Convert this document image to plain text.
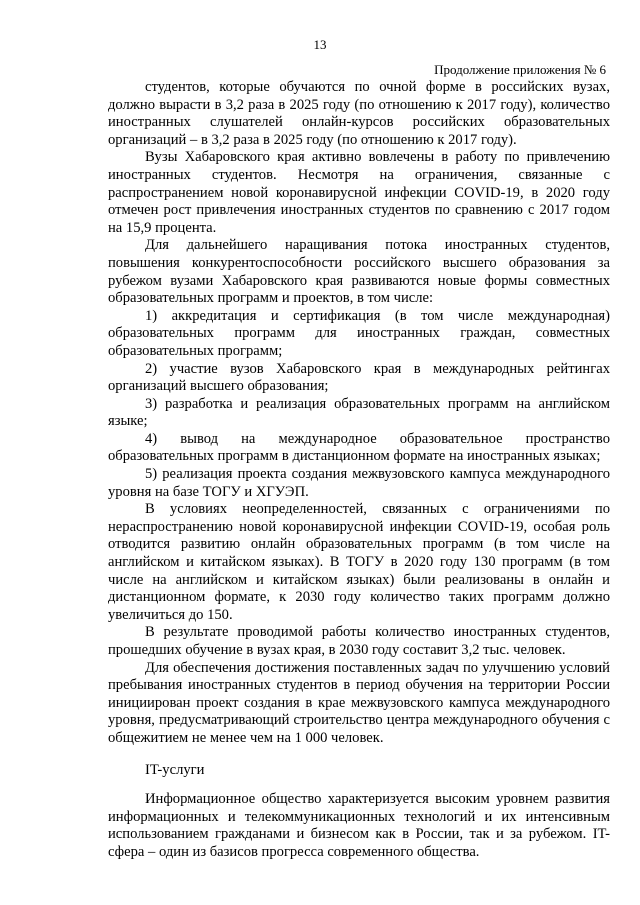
13
Продолжение приложения № 6

студентов, которые обучаются по очной форме в российских вузах, должно вырасти в 3,2 раза в 2025 году (по отношению к 2017 году), количество иностранных слушателей онлайн-курсов российских образовательных организаций – в 3,2 раза в 2025 году (по отношению к 2017 году).

Вузы Хабаровского края активно вовлечены в работу по привлечению иностранных студентов. Несмотря на ограничения, связанные с распространением новой коронавирусной инфекции COVID-19, в 2020 году отмечен рост привлечения иностранных студентов по сравнению с 2017 годом на 15,9 процента.

Для дальнейшего наращивания потока иностранных студентов, повышения конкурентоспособности российского высшего образования за рубежом вузами Хабаровского края развиваются новые формы совместных образовательных программ и проектов, в том числе:

1) аккредитация и сертификация (в том числе международная) образовательных программ для иностранных граждан, совместных образовательных программ;

2) участие вузов Хабаровского края в международных рейтингах организаций высшего образования;

3) разработка и реализация образовательных программ на английском языке;

4) вывод на международное образовательное пространство образовательных программ в дистанционном формате на иностранных языках;

5) реализация проекта создания межвузовского кампуса международного уровня на базе ТОГУ и ХГУЭП.

В условиях неопределенностей, связанных с ограничениями по нераспространению новой коронавирусной инфекции COVID-19, особая роль отводится развитию онлайн образовательных программ (в том числе на английском и китайском языках). В ТОГУ в 2020 году 130 программ (в том числе на английском и китайском языках) были реализованы в онлайн и дистанционном формате, к 2030 году количество таких программ должно увеличиться до 150.

В результате проводимой работы количество иностранных студентов, прошедших обучение в вузах края, в 2030 году составит 3,2 тыс. человек.

Для обеспечения достижения поставленных задач по улучшению условий пребывания иностранных студентов в период обучения на территории России инициирован проект создания в крае межвузовского кампуса международного уровня, предусматривающий строительство центра международного обучения с общежитием не менее чем на 1 000 человек.

IT-услуги

Информационное общество характеризуется высоким уровнем развития информационных и телекоммуникационных технологий и их интенсивным использованием гражданами и бизнесом как в России, так и за рубежом. IT-сфера – один из базисов прогресса современного общества.
